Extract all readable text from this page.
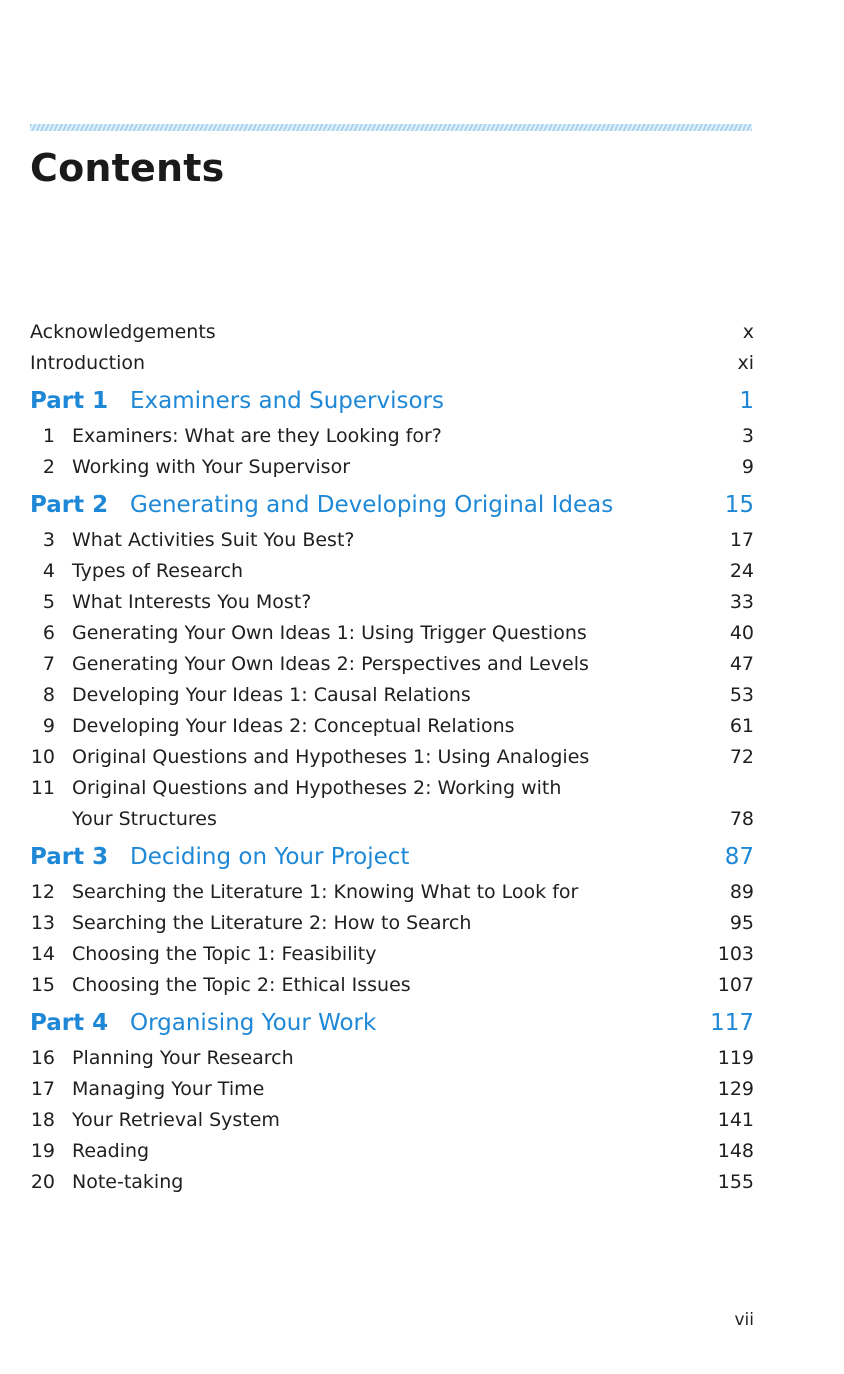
Contents
Acknowledgements	x
Introduction	xi
Part 1 Examiners and Supervisors	1
1 Examiners: What are they Looking for?	3
2 Working with Your Supervisor	9
Part 2 Generating and Developing Original Ideas	15
3 What Activities Suit You Best?	17
4 Types of Research	24
5 What Interests You Most?	33
6 Generating Your Own Ideas 1: Using Trigger Questions	40
7 Generating Your Own Ideas 2: Perspectives and Levels	47
8 Developing Your Ideas 1: Causal Relations	53
9 Developing Your Ideas 2: Conceptual Relations	61
10 Original Questions and Hypotheses 1: Using Analogies	72
11 Original Questions and Hypotheses 2: Working with
Your Structures	78
Part 3 Deciding on Your Project	87
12 Searching the Literature 1: Knowing What to Look for	89
13 Searching the Literature 2: How to Search	95
14 Choosing the Topic 1: Feasibility	103
15 Choosing the Topic 2: Ethical Issues	107
Part 4 Organising Your Work	117
16 Planning Your Research	119
17 Managing Your Time	129
18 Your Retrieval System	141
19 Reading	148
20 Note-taking	155
vii
